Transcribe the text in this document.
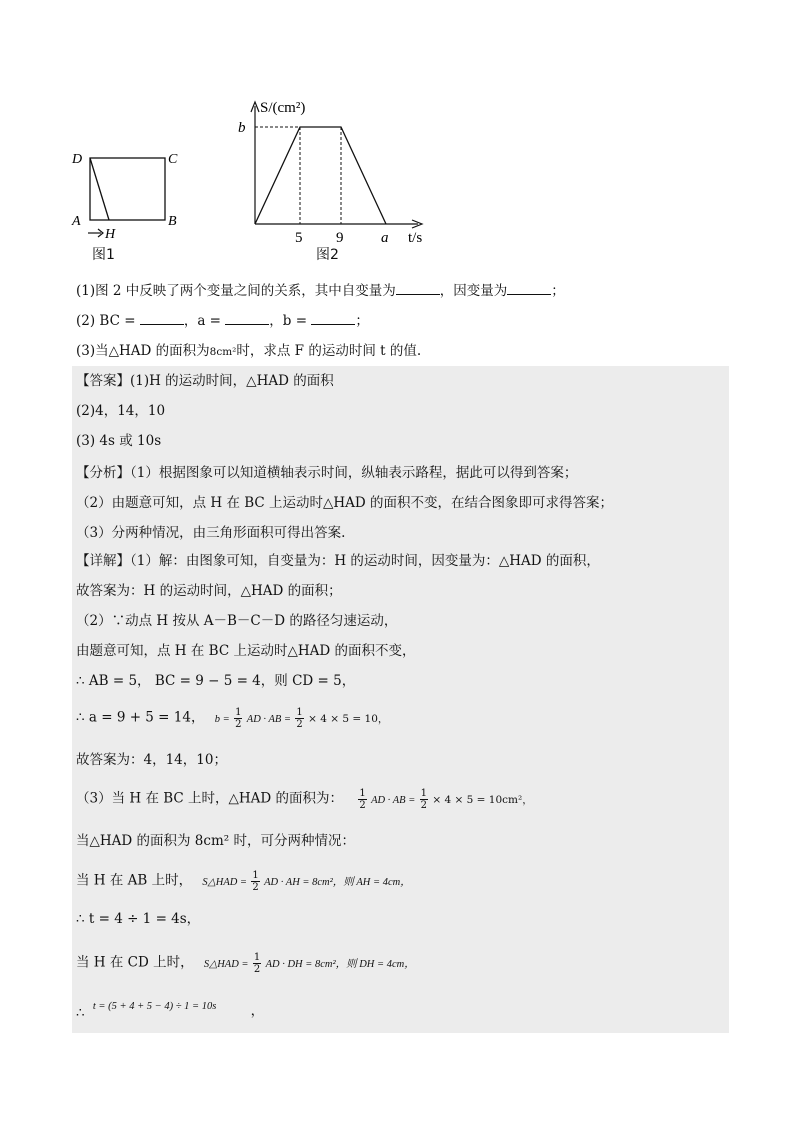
D	C
A	B
H
图1
S/(cm²)
b
5 9	a t/s
图2
(1)图 2 中反映了两个变量之间的关系，其中自变量为	，因变量为	；
(2) BC =	，a =	，b =	；
(3)当△HAD 的面积为8cm²时，求点 F 的运动时间 t 的值.
【答案】(1)H 的运动时间，△HAD 的面积
(2)4，14，10
(3) 4s 或 10s
【分析】（1）根据图象可以知道横轴表示时间，纵轴表示路程，据此可以得到答案；
（2）由题意可知，点 H 在 BC 上运动时△HAD 的面积不变，在结合图象即可求得答案；
（3）分两种情况，由三角形面积可得出答案.
【详解】（1）解：由图象可知，自变量为：H 的运动时间，因变量为：△HAD 的面积，
故答案为：H 的运动时间，△HAD 的面积；
（2）∵动点 H 按从 A－B－C－D 的路径匀速运动，
由题意可知，点 H 在 BC 上运动时△HAD 的面积不变，
∴ AB = 5， BC = 9 − 5 = 4，则 CD = 5，
∴ a = 9 + 5 = 14， $b = \frac{1}{2}$ AD · AB = $\frac{1}{2} \times 4 \times 5 = 10$，
故答案为：4，14，10；
（3）当 H 在 BC 上时，△HAD 的面积为： $\frac{1}{2}$ AD · AB = $\frac{1}{2} \times 4 \times 5 = 10cm^2$，
当△HAD 的面积为 8cm² 时，可分两种情况：
当 H 在 AB 上时， S△HAD = $\frac{1}{2}$ AD · AH = 8cm²，则 AH = 4cm，
∴ t = 4 ÷ 1 = 4s，
当 H 在 CD 上时， S△HAD = $\frac{1}{2}$ AD · DH = 8cm²，则 DH = 4cm，
∴ t = (5 + 4 + 5 − 4) ÷ 1 = 10s	，
